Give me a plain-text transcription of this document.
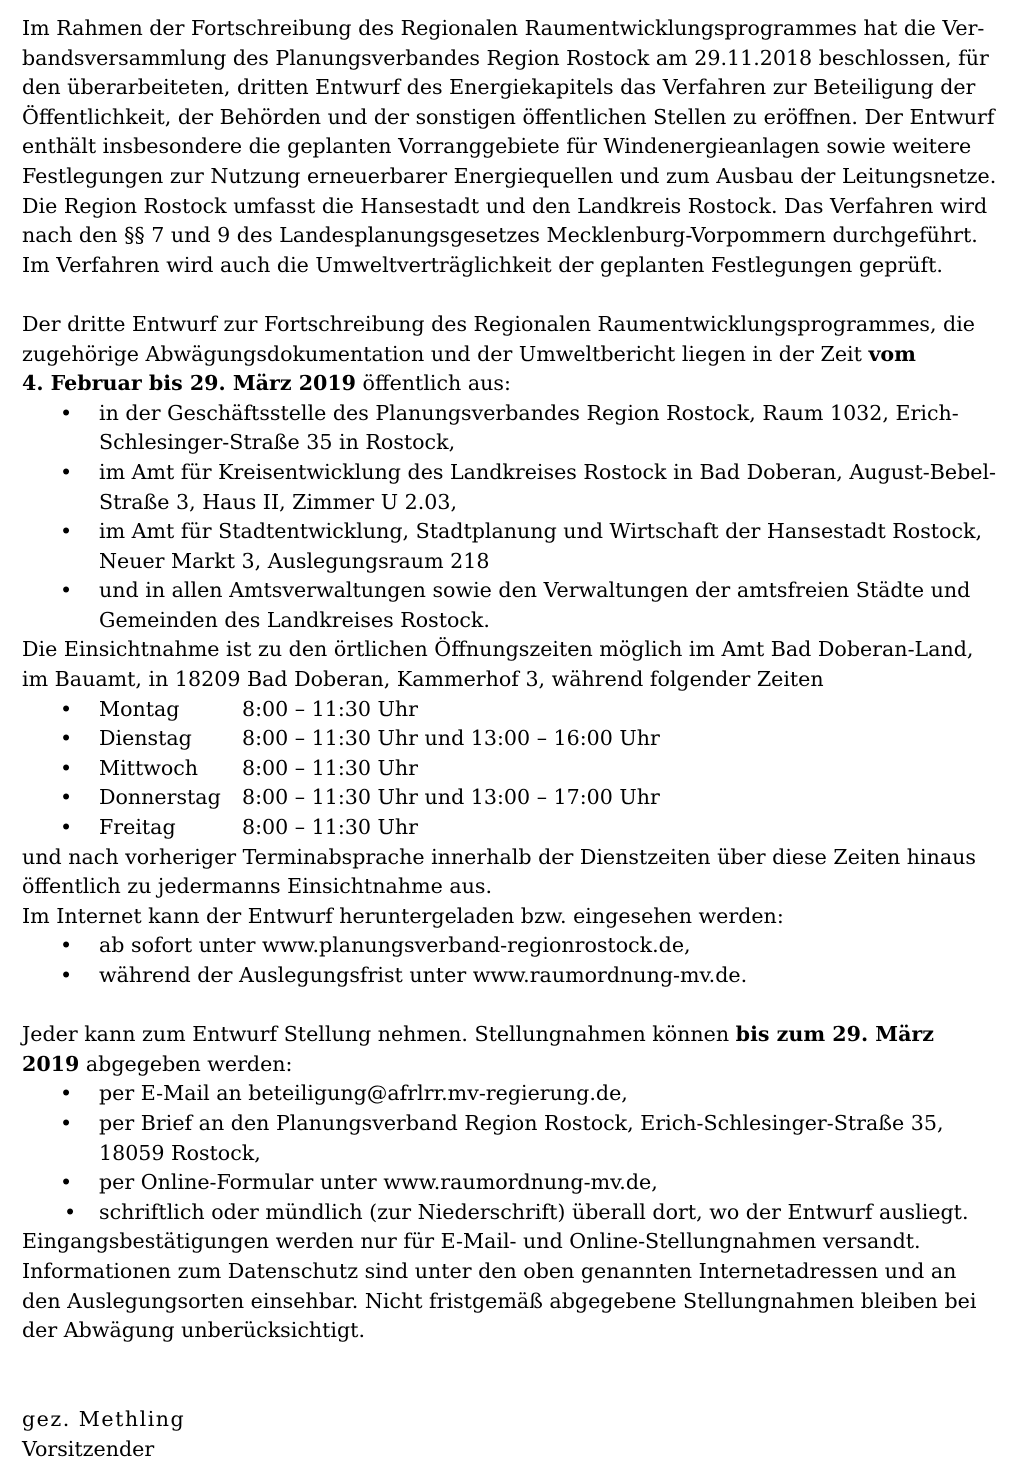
Im Rahmen der Fortschreibung des Regionalen Raumentwicklungsprogrammes hat die Ver-

bandsversammlung des Planungsverbandes Region Rostock am 29.11.2018 beschlossen, für

den überarbeiteten, dritten Entwurf des Energiekapitels das Verfahren zur Beteiligung der

Öffentlichkeit, der Behörden und der sonstigen öffentlichen Stellen zu eröffnen. Der Entwurf

enthält insbesondere die geplanten Vorranggebiete für Windenergieanlagen sowie weitere

Festlegungen zur Nutzung erneuerbarer Energiequellen und zum Ausbau der Leitungsnetze.

Die Region Rostock umfasst die Hansestadt und den Landkreis Rostock. Das Verfahren wird

nach den §§ 7 und 9 des Landesplanungsgesetzes Mecklenburg-Vorpommern durchgeführt.

Im Verfahren wird auch die Umweltverträglichkeit der geplanten Festlegungen geprüft.

Der dritte Entwurf zur Fortschreibung des Regionalen Raumentwicklungsprogrammes, die

zugehörige Abwägungsdokumentation und der Umweltbericht liegen in der Zeit vom

4. Februar bis 29. März 2019 öffentlich aus:

• in der Geschäftsstelle des Planungsverbandes Region Rostock, Raum 1032, Erich-
Schlesinger-Straße 35 in Rostock,
• im Amt für Kreisentwicklung des Landkreises Rostock in Bad Doberan, August-Bebel-
Straße 3, Haus II, Zimmer U 2.03,
• im Amt für Stadtentwicklung, Stadtplanung und Wirtschaft der Hansestadt Rostock,
Neuer Markt 3, Auslegungsraum 218
• und in allen Amtsverwaltungen sowie den Verwaltungen der amtsfreien Städte und
Gemeinden des Landkreises Rostock.

Die Einsichtnahme ist zu den örtlichen Öffnungszeiten möglich im Amt Bad Doberan-Land,

im Bauamt, in 18209 Bad Doberan, Kammerhof 3, während folgender Zeiten

• Montag	8:00 – 11:30 Uhr
• Dienstag 8:00 – 11:30 Uhr und 13:00 – 16:00 Uhr
• Mittwoch 8:00 – 11:30 Uhr
• Donnerstag 8:00 – 11:30 Uhr und 13:00 – 17:00 Uhr
• Freitag	8:00 – 11:30 Uhr

und nach vorheriger Terminabsprache innerhalb der Dienstzeiten über diese Zeiten hinaus

öffentlich zu jedermanns Einsichtnahme aus.

Im Internet kann der Entwurf heruntergeladen bzw. eingesehen werden:

• ab sofort unter www.planungsverband-regionrostock.de,
• während der Auslegungsfrist unter www.raumordnung-mv.de.

Jeder kann zum Entwurf Stellung nehmen. Stellungnahmen können bis zum 29. März

2019 abgegeben werden:

• per E-Mail an beteiligung@afrlrr.mv-regierung.de,
• per Brief an den Planungsverband Region Rostock, Erich-Schlesinger-Straße 35,
18059 Rostock,
• per Online-Formular unter www.raumordnung-mv.de,
• schriftlich oder mündlich (zur Niederschrift) überall dort, wo der Entwurf ausliegt.

Eingangsbestätigungen werden nur für E-Mail- und Online-Stellungnahmen versandt.

Informationen zum Datenschutz sind unter den oben genannten Internetadressen und an

den Auslegungsorten einsehbar. Nicht fristgemäß abgegebene Stellungnahmen bleiben bei

der Abwägung unberücksichtigt.

gez. Methling

Vorsitzender
